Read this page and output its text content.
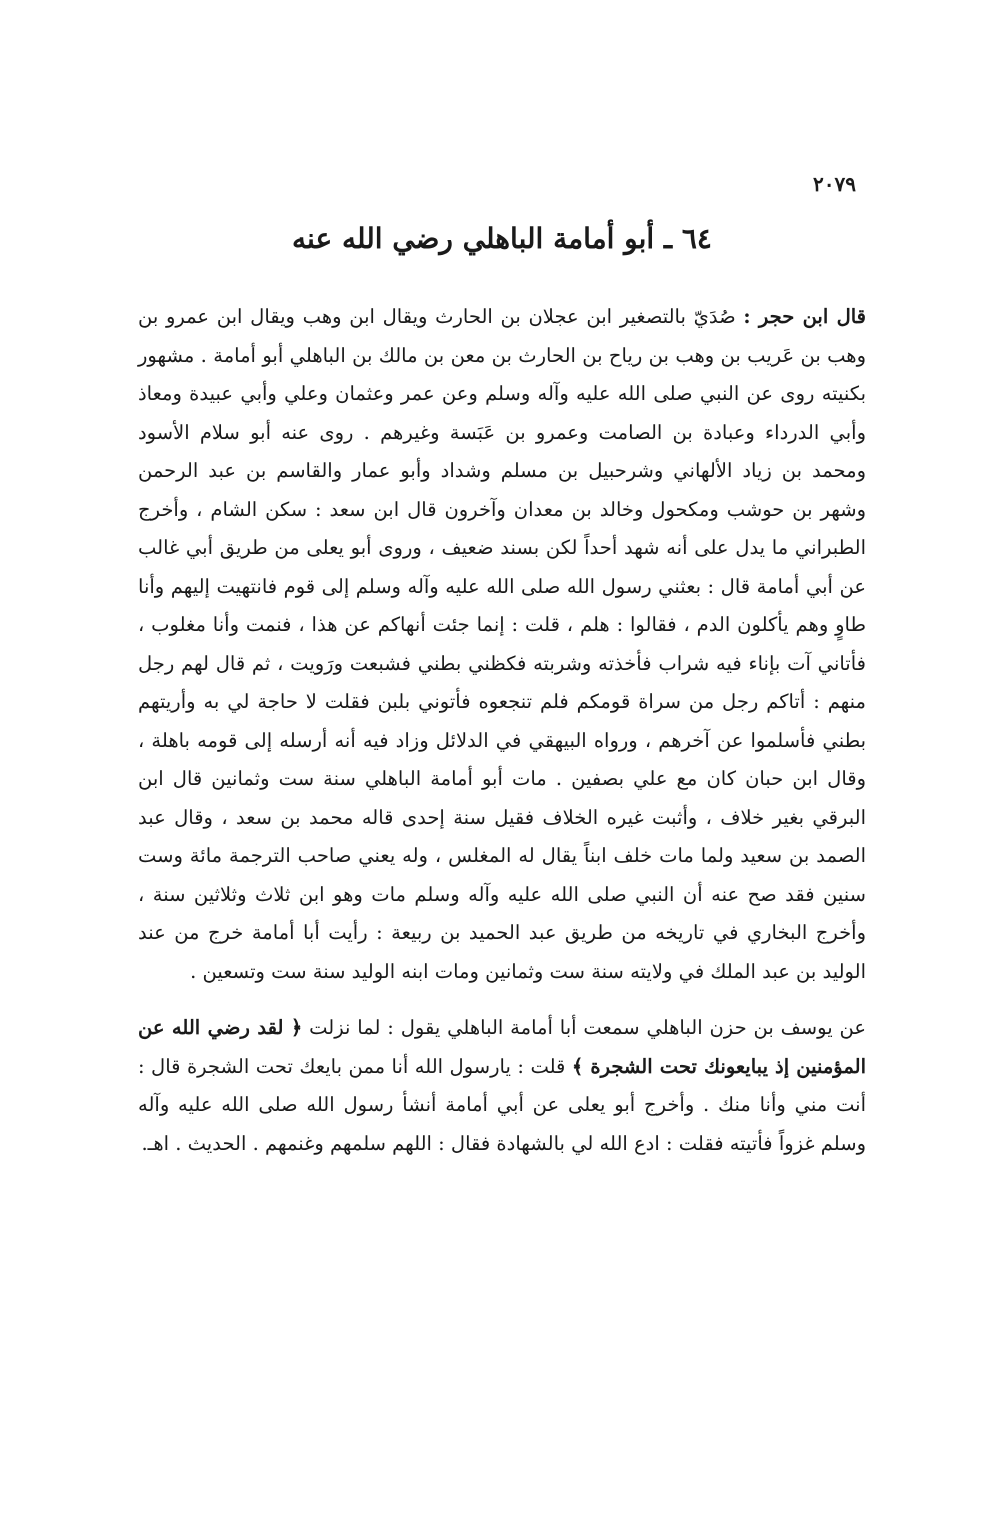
٢٠٧٩
٦٤ ـ أبو أمامة الباهلي رضي الله عنه

قال ابن حجر : صُدَيّ بالتصغير ابن عجلان بن الحارث ويقال ابن وهب ويقال ابن عمرو بن وهب بن عَريب بن وهب بن رياح بن الحارث بن معن بن مالك بن الباهلي أبو أمامة . مشهور بكنيته روى عن النبي صلى الله عليه وآله وسلم وعن عمر وعثمان وعلي وأبي عبيدة ومعاذ وأبي الدرداء وعبادة بن الصامت وعمرو بن عَبَسة وغيرهم . روى عنه أبو سلام الأسود ومحمد بن زياد الألهاني وشرحبيل بن مسلم وشداد وأبو عمار والقاسم بن عبد الرحمن وشهر بن حوشب ومكحول وخالد بن معدان وآخرون قال ابن سعد : سكن الشام ، وأخرج الطبراني ما يدل على أنه شهد أحداً لكن بسند ضعيف ، وروى أبو يعلى من طريق أبي غالب عن أبي أمامة قال : بعثني رسول الله صلى الله عليه وآله وسلم إلى قوم فانتهيت إليهم وأنا طاوٍ وهم يأكلون الدم ، فقالوا : هلم ، قلت : إنما جئت أنهاكم عن هذا ، فنمت وأنا مغلوب ، فأتاني آت بإناء فيه شراب فأخذته وشربته فكظني بطني فشبعت ورَويت ، ثم قال لهم رجل منهم : أتاكم رجل من سراة قومكم فلم تنجعوه فأتوني بلبن فقلت لا حاجة لي به وأريتهم بطني فأسلموا عن آخرهم ، ورواه البيهقي في الدلائل وزاد فيه أنه أرسله إلى قومه باهلة ، وقال ابن حبان كان مع علي بصفين . مات أبو أمامة الباهلي سنة ست وثمانين قال ابن البرقي بغير خلاف ، وأثبت غيره الخلاف فقيل سنة إحدى قاله محمد بن سعد ، وقال عبد الصمد بن سعيد ولما مات خلف ابناً يقال له المغلس ، وله يعني صاحب الترجمة مائة وست سنين فقد صح عنه أن النبي صلى الله عليه وآله وسلم مات وهو ابن ثلاث وثلاثين سنة ، وأخرج البخاري في تاريخه من طريق عبد الحميد بن ربيعة : رأيت أبا أمامة خرج من عند الوليد بن عبد الملك في ولايته سنة ست وثمانين ومات ابنه الوليد سنة ست وتسعين .

عن يوسف بن حزن الباهلي سمعت أبا أمامة الباهلي يقول : لما نزلت ﴿ لقد رضي الله عن المؤمنين إذ يبايعونك تحت الشجرة ﴾ قلت : يارسول الله أنا ممن بايعك تحت الشجرة قال : أنت مني وأنا منك . وأخرج أبو يعلى عن أبي أمامة أنشأ رسول الله صلى الله عليه وآله وسلم غزواً فأتيته فقلت : ادع الله لي بالشهادة فقال : اللهم سلمهم وغنمهم . الحديث . اهـ.
